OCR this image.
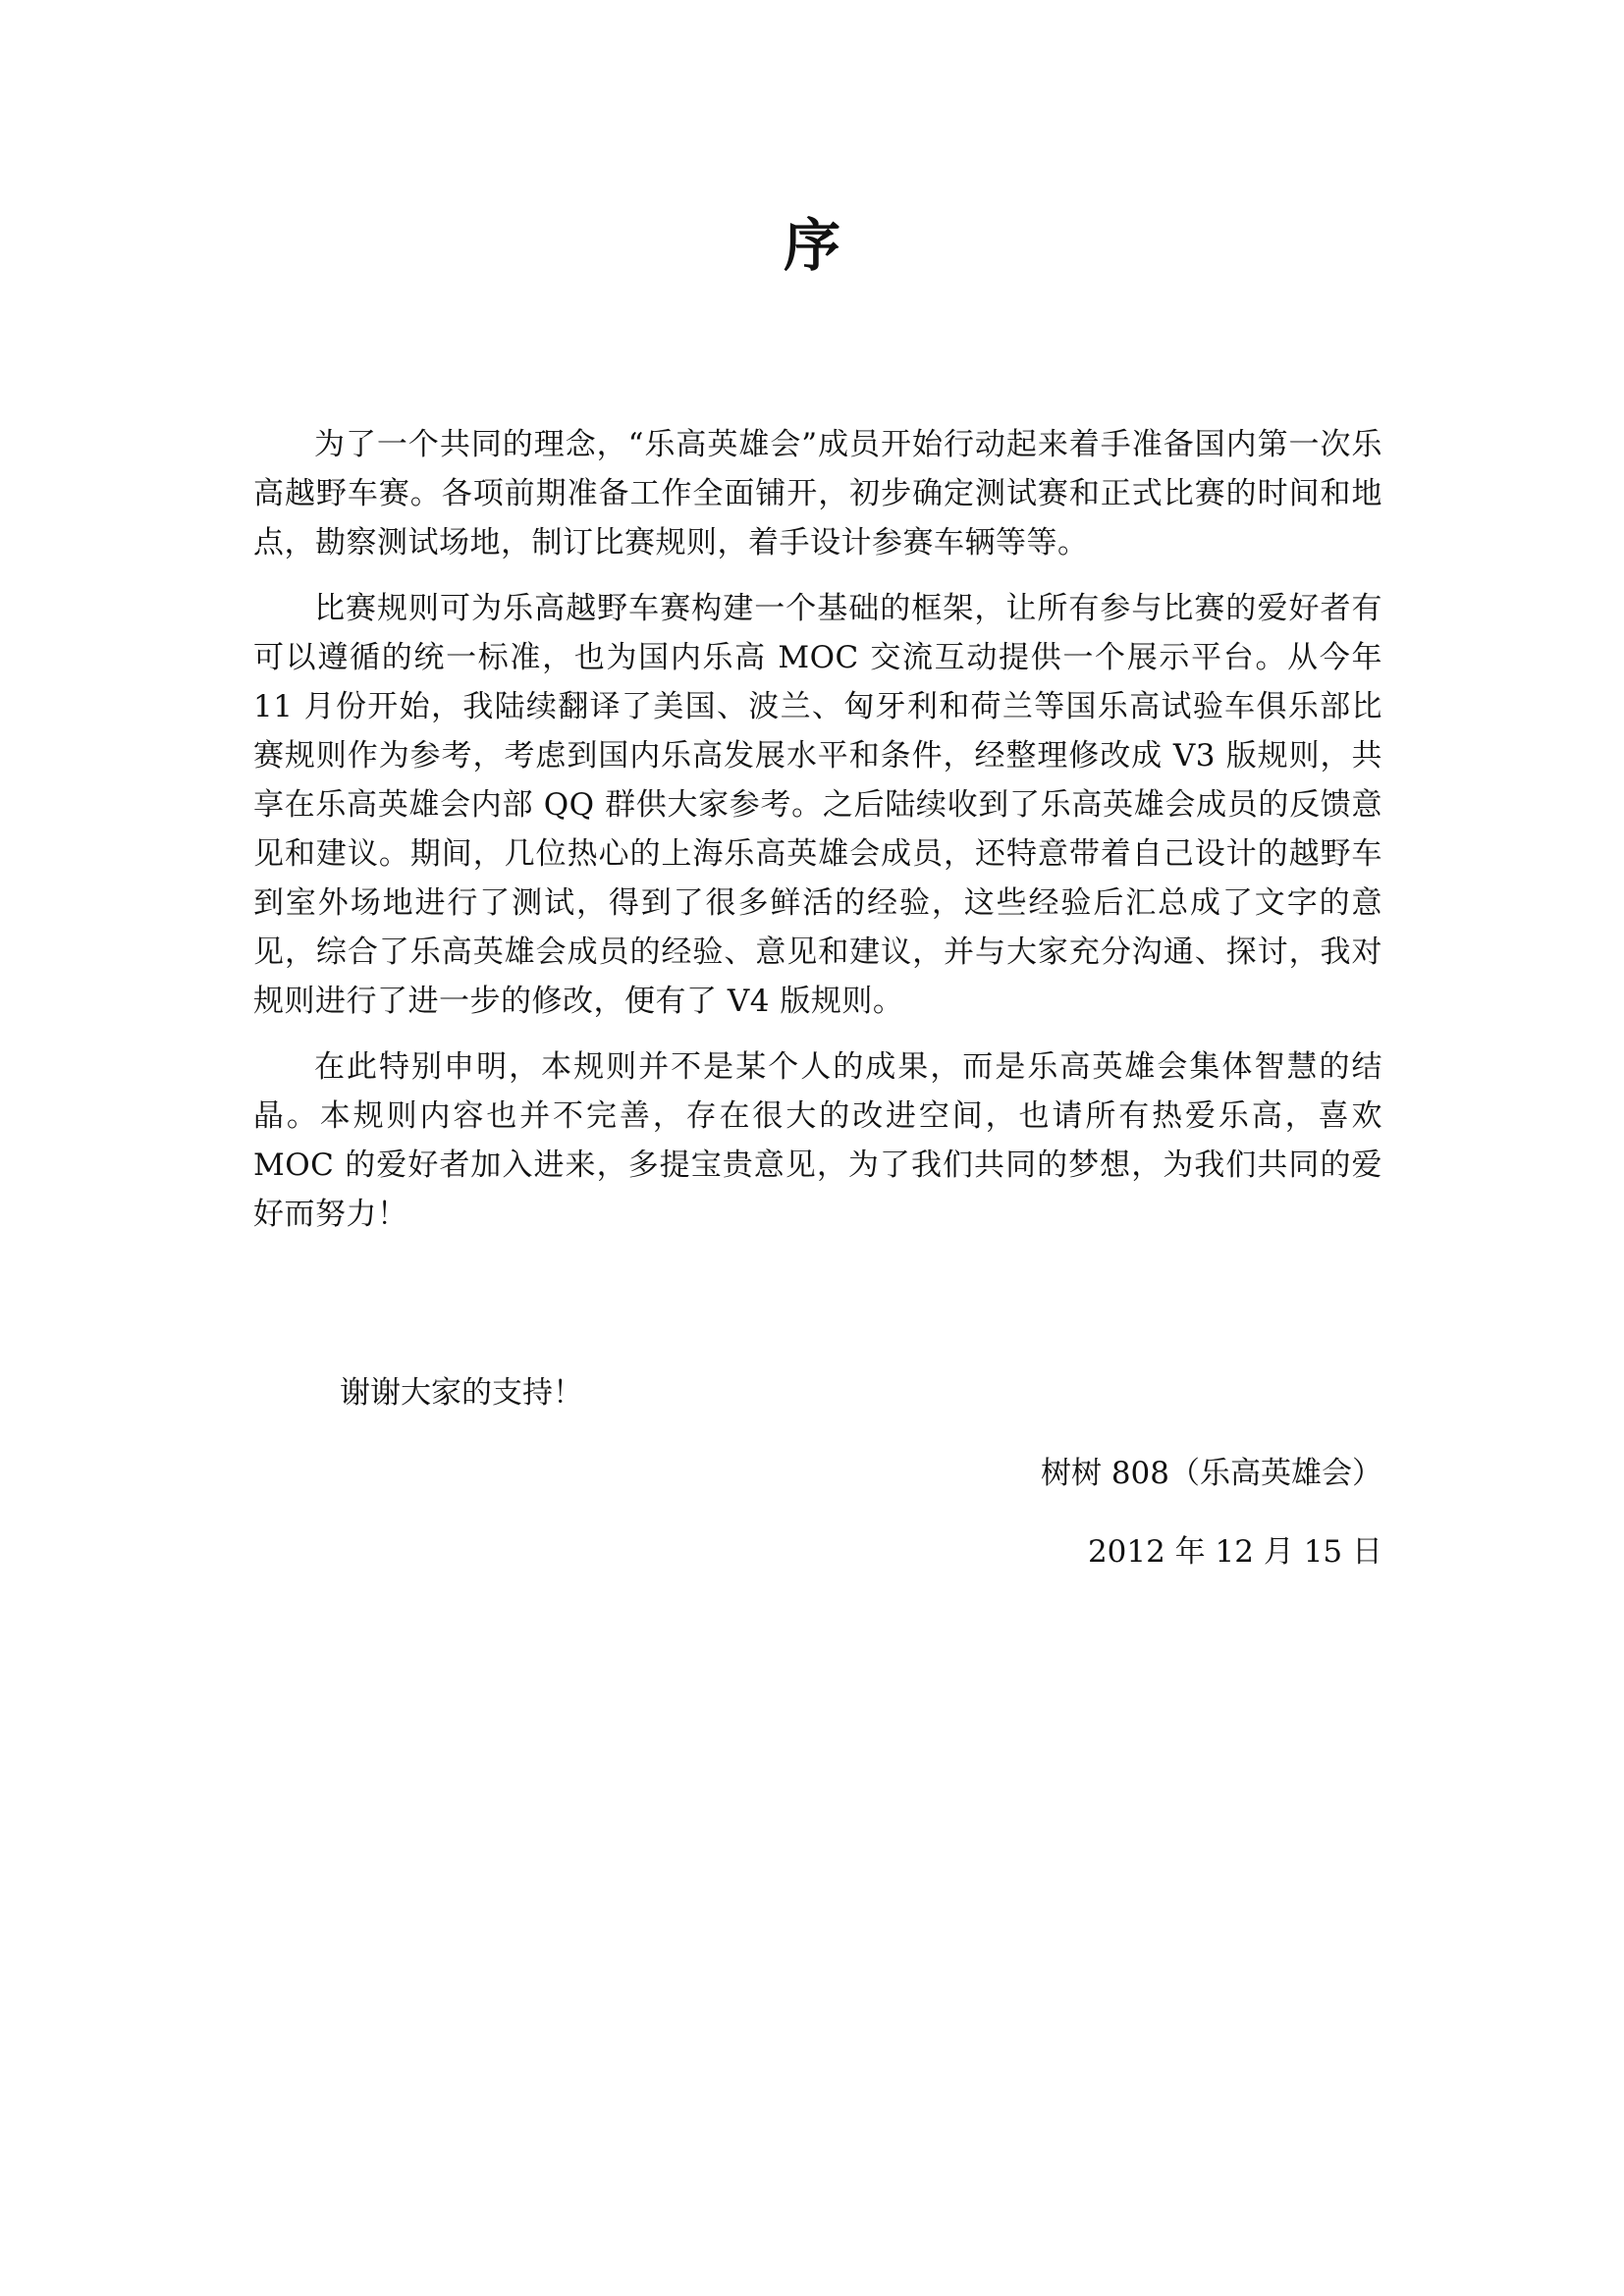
序

为了一个共同的理念，“乐高英雄会”成员开始行动起来着手准备国内第一次乐高越野车赛。各项前期准备工作全面铺开，初步确定测试赛和正式比赛的时间和地点，勘察测试场地，制订比赛规则，着手设计参赛车辆等等。

比赛规则可为乐高越野车赛构建一个基础的框架，让所有参与比赛的爱好者有可以遵循的统一标准，也为国内乐高 MOC 交流互动提供一个展示平台。从今年 11 月份开始，我陆续翻译了美国、波兰、匈牙利和荷兰等国乐高试验车俱乐部比赛规则作为参考，考虑到国内乐高发展水平和条件，经整理修改成 V3 版规则，共享在乐高英雄会内部 QQ 群供大家参考。之后陆续收到了乐高英雄会成员的反馈意见和建议。期间，几位热心的上海乐高英雄会成员，还特意带着自己设计的越野车到室外场地进行了测试，得到了很多鲜活的经验，这些经验后汇总成了文字的意见，综合了乐高英雄会成员的经验、意见和建议，并与大家充分沟通、探讨，我对规则进行了进一步的修改，便有了 V4 版规则。

在此特别申明，本规则并不是某个人的成果，而是乐高英雄会集体智慧的结晶。本规则内容也并不完善，存在很大的改进空间，也请所有热爱乐高，喜欢 MOC 的爱好者加入进来，多提宝贵意见，为了我们共同的梦想，为我们共同的爱好而努力！

谢谢大家的支持！

树树 808（乐高英雄会）

2012 年 12 月 15 日
